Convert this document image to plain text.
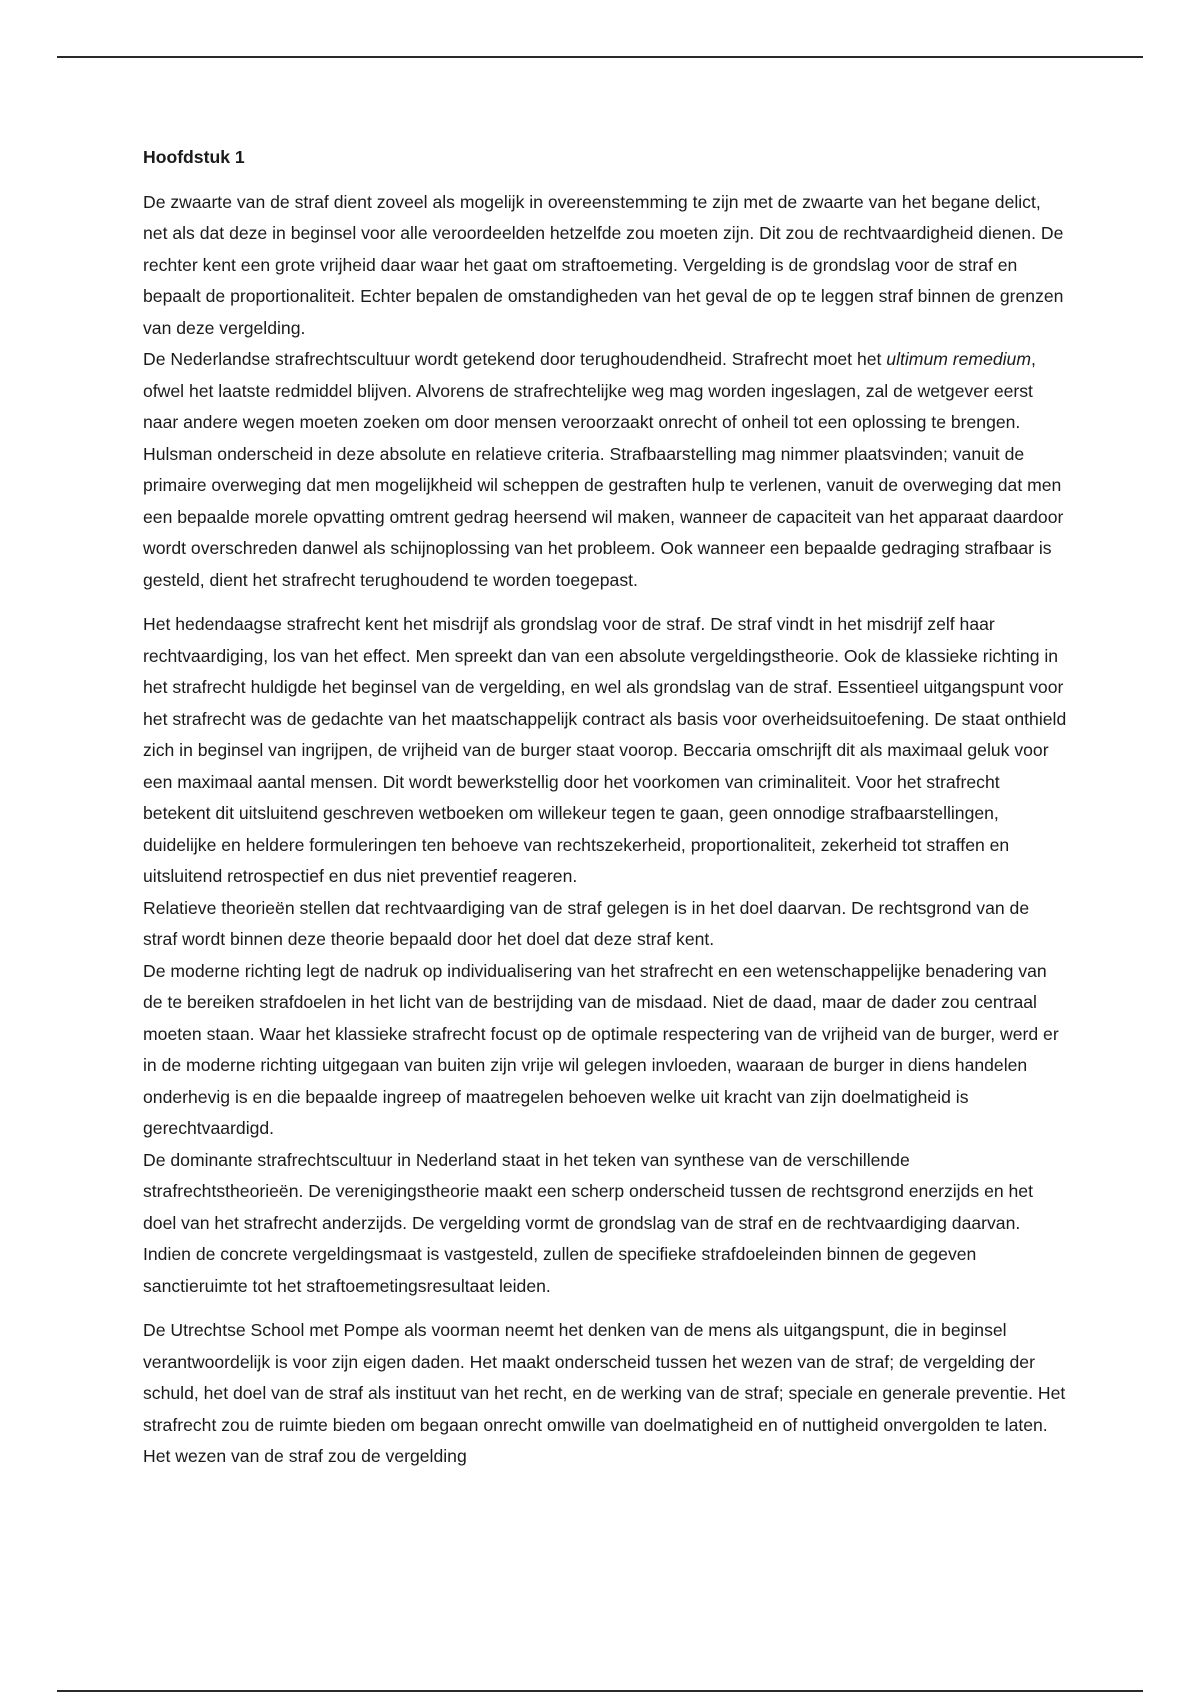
Hoofdstuk 1

De zwaarte van de straf dient zoveel als mogelijk in overeenstemming te zijn met de zwaarte van het begane delict, net als dat deze in beginsel voor alle veroordeelden hetzelfde zou moeten zijn. Dit zou de rechtvaardigheid dienen. De rechter kent een grote vrijheid daar waar het gaat om straftoemeting. Vergelding is de grondslag voor de straf en bepaalt de proportionaliteit. Echter bepalen de omstandigheden van het geval de op te leggen straf binnen de grenzen van deze vergelding.

De Nederlandse strafrechtscultuur wordt getekend door terughoudendheid. Strafrecht moet het ultimum remedium, ofwel het laatste redmiddel blijven. Alvorens de strafrechtelijke weg mag worden ingeslagen, zal de wetgever eerst naar andere wegen moeten zoeken om door mensen veroorzaakt onrecht of onheil tot een oplossing te brengen. Hulsman onderscheid in deze absolute en relatieve criteria. Strafbaarstelling mag nimmer plaatsvinden; vanuit de primaire overweging dat men mogelijkheid wil scheppen de gestraften hulp te verlenen, vanuit de overweging dat men een bepaalde morele opvatting omtrent gedrag heersend wil maken, wanneer de capaciteit van het apparaat daardoor wordt overschreden danwel als schijnoplossing van het probleem. Ook wanneer een bepaalde gedraging strafbaar is gesteld, dient het strafrecht terughoudend te worden toegepast.

Het hedendaagse strafrecht kent het misdrijf als grondslag voor de straf. De straf vindt in het misdrijf zelf haar rechtvaardiging, los van het effect. Men spreekt dan van een absolute vergeldingstheorie. Ook de klassieke richting in het strafrecht huldigde het beginsel van de vergelding, en wel als grondslag van de straf. Essentieel uitgangspunt voor het strafrecht was de gedachte van het maatschappelijk contract als basis voor overheidsuitoefening. De staat onthield zich in beginsel van ingrijpen, de vrijheid van de burger staat voorop. Beccaria omschrijft dit als maximaal geluk voor een maximaal aantal mensen. Dit wordt bewerkstellig door het voorkomen van criminaliteit. Voor het strafrecht betekent dit uitsluitend geschreven wetboeken om willekeur tegen te gaan, geen onnodige strafbaarstellingen, duidelijke en heldere formuleringen ten behoeve van rechtszekerheid, proportionaliteit, zekerheid tot straffen en uitsluitend retrospectief en dus niet preventief reageren.

Relatieve theorieën stellen dat rechtvaardiging van de straf gelegen is in het doel daarvan. De rechtsgrond van de straf wordt binnen deze theorie bepaald door het doel dat deze straf kent.

De moderne richting legt de nadruk op individualisering van het strafrecht en een wetenschappelijke benadering van de te bereiken strafdoelen in het licht van de bestrijding van de misdaad. Niet de daad, maar de dader zou centraal moeten staan. Waar het klassieke strafrecht focust op de optimale respectering van de vrijheid van de burger, werd er in de moderne richting uitgegaan van buiten zijn vrije wil gelegen invloeden, waaraan de burger in diens handelen onderhevig is en die bepaalde ingreep of maatregelen behoeven welke uit kracht van zijn doelmatigheid is gerechtvaardigd.

De dominante strafrechtscultuur in Nederland staat in het teken van synthese van de verschillende strafrechtstheorieën. De verenigingstheorie maakt een scherp onderscheid tussen de rechtsgrond enerzijds en het doel van het strafrecht anderzijds. De vergelding vormt de grondslag van de straf en de rechtvaardiging daarvan. Indien de concrete vergeldingsmaat is vastgesteld, zullen de specifieke strafdoeleinden binnen de gegeven sanctieruimte tot het straftoemetingsresultaat leiden.

De Utrechtse School met Pompe als voorman neemt het denken van de mens als uitgangspunt, die in beginsel verantwoordelijk is voor zijn eigen daden. Het maakt onderscheid tussen het wezen van de straf; de vergelding der schuld, het doel van de straf als instituut van het recht, en de werking van de straf; speciale en generale preventie. Het strafrecht zou de ruimte bieden om begaan onrecht omwille van doelmatigheid en of nuttigheid onvergolden te laten. Het wezen van de straf zou de vergelding
